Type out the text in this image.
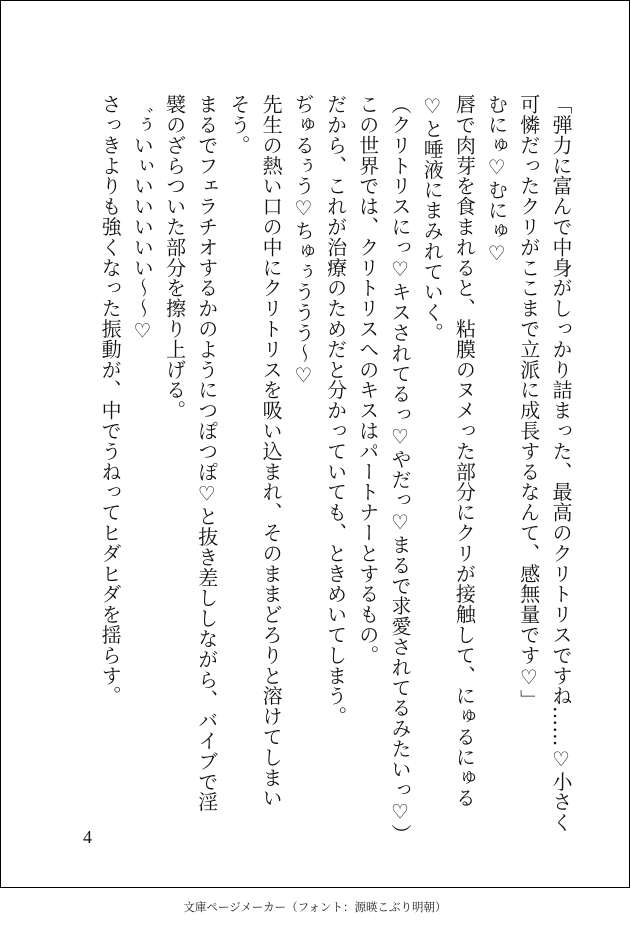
「弾力に富んで中身がしっかり詰まった、最高のクリトリスですね……♡小さく
可憐だったクリがここまで立派に成長するなんて、感無量です♡」
むにゅ♡むにゅ♡
唇で肉芽を食まれると、粘膜のヌメった部分にクリが接触して、にゅるにゅる
♡と唾液にまみれていく。
（クリトリスにっ♡キスされてるっ♡やだっ♡まるで求愛されてるみたいっ♡）
この世界では、クリトリスへのキスはパートナーとするもの。
だから、これが治療のためだと分かっていても、ときめいてしまう。
ぢゅるぅう♡ちゅぅううう〜♡
先生の熱い口の中にクリトリスを吸い込まれ、そのままどろりと溶けてしまい
そう。
まるでフェラチオするかのようにつぽつぽ♡と抜き差ししながら、バイブで淫
襞のざらついた部分を擦り上げる。
゛ぅいぃいいいいい〜〜♡
さっきよりも強くなった振動が、中でうねってヒダヒダを揺らす。
4
文庫ページメーカー（フォント：源暎こぶり明朝）
